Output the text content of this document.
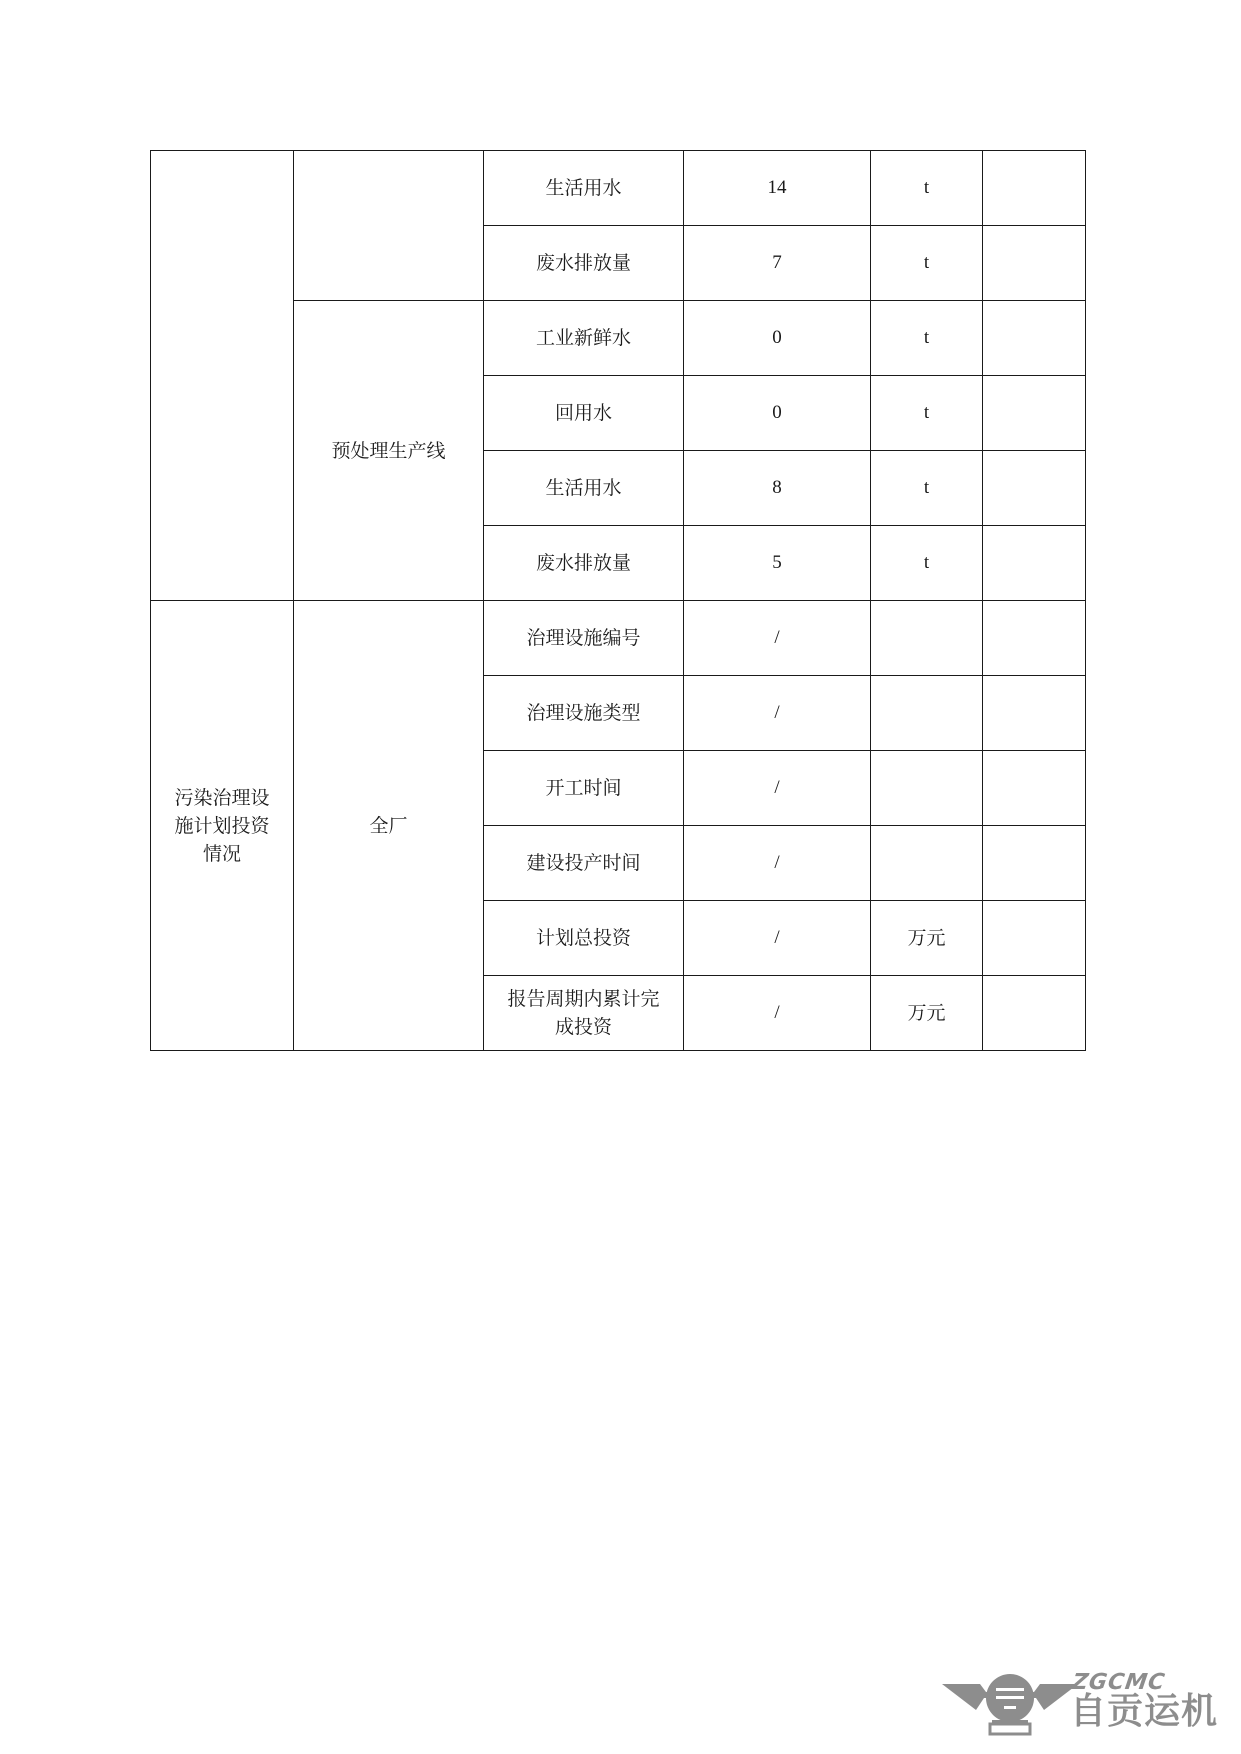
		生活用水	14	t	
		废水排放量	7	t	
	预处理生产线	工业新鲜水	0	t	
		回用水	0	t	
		生活用水	8	t	
		废水排放量	5	t	
污染治理设
施计划投资
情况	全厂	治理设施编号	/		
		治理设施类型	/		
		开工时间	/		
		建设投产时间	/		
		计划总投资	/	万元	
		报告周期内累计完
成投资	/	万元	
ZGCMC
自贡运机
